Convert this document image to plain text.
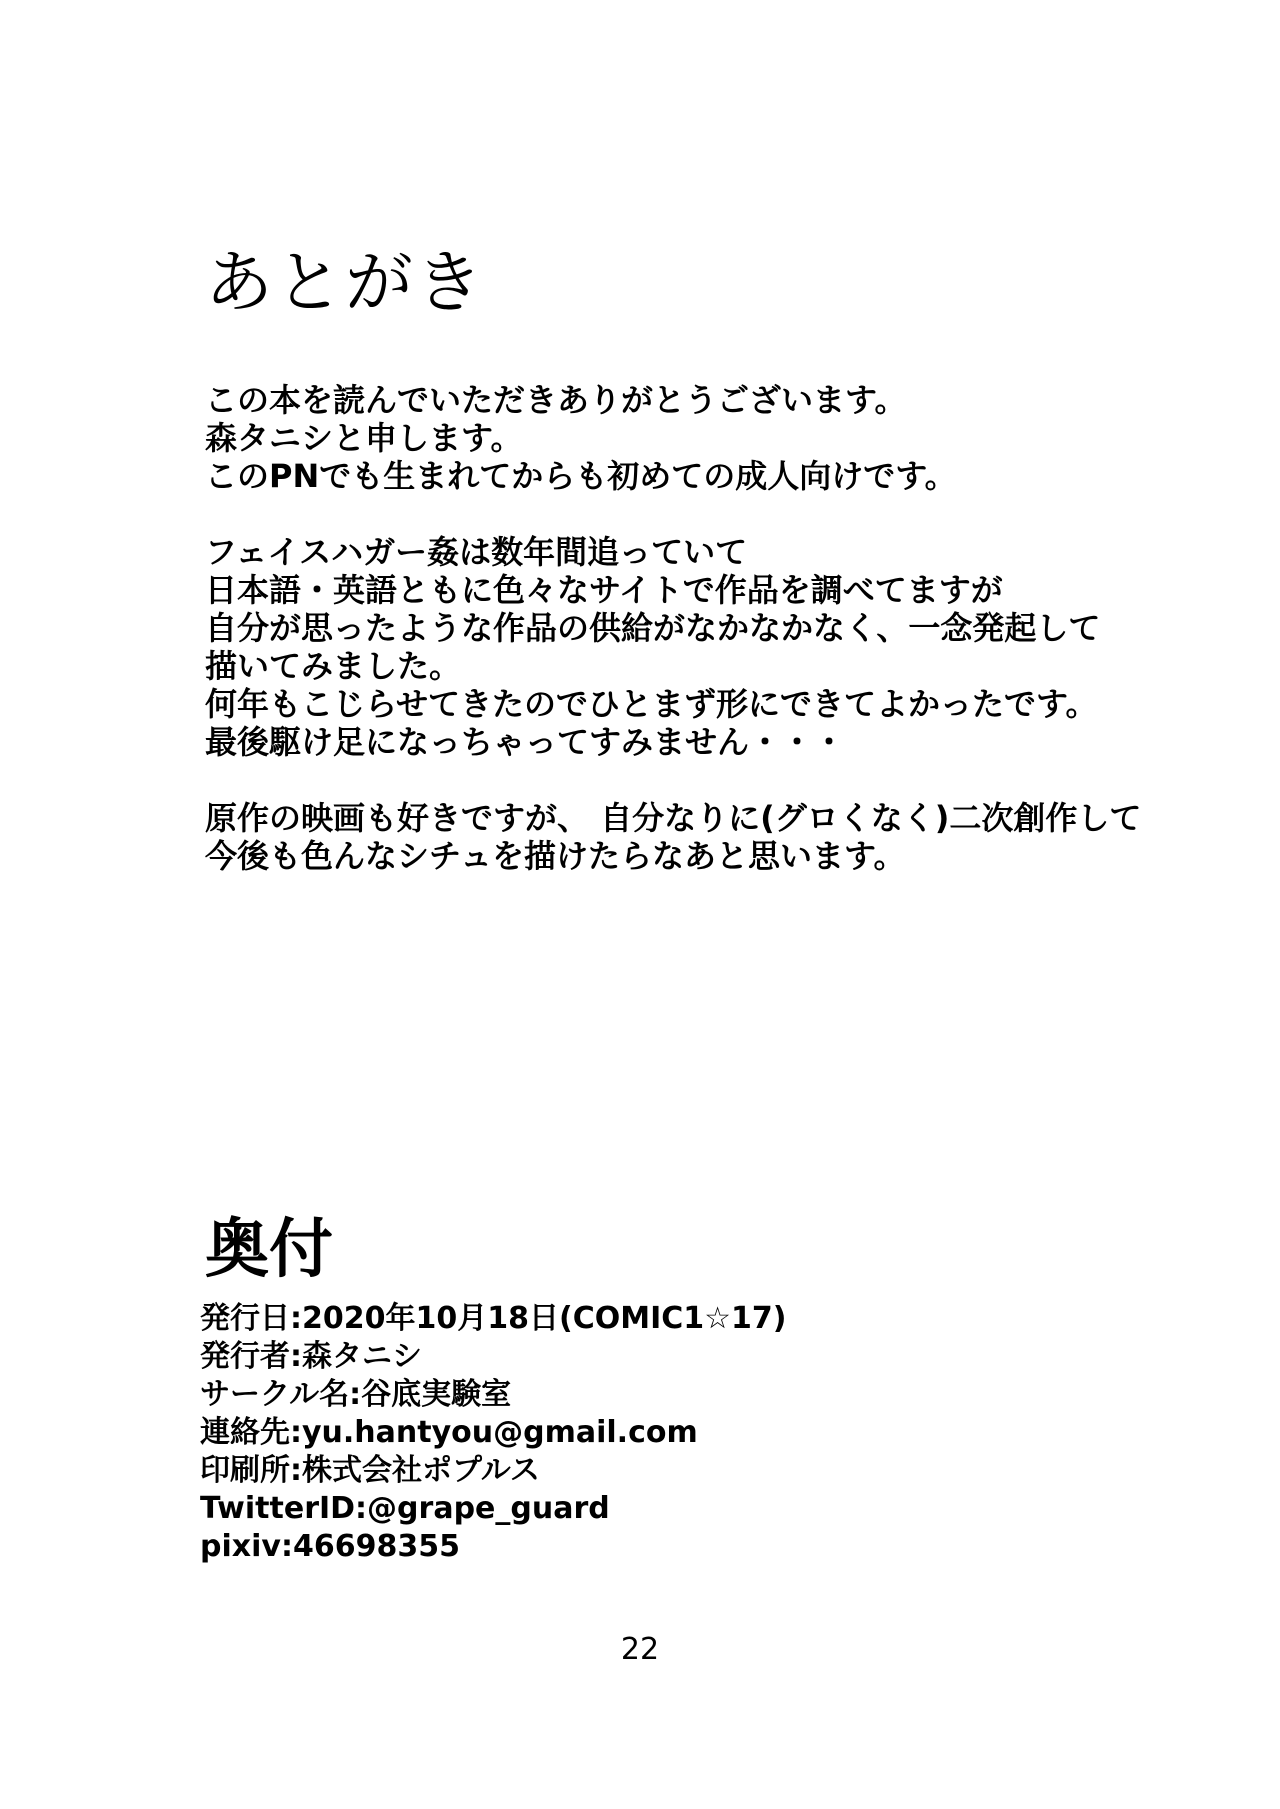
あとがき
この本を読んでいただきありがとうございます。
森タニシと申します。
このPNでも生まれてからも初めての成人向けです。
フェイスハガー姦は数年間追っていて
日本語・英語ともに色々なサイトで作品を調べてますが
自分が思ったような作品の供給がなかなかなく、一念発起して
描いてみました。
何年もこじらせてきたのでひとまず形にできてよかったです。
最後駆け足になっちゃってすみません・・・
原作の映画も好きですが、 自分なりに(グロくなく)二次創作して
今後も色んなシチュを描けたらなあと思います。
奥付
発行日:2020年10月18日(COMIC1☆17)
発行者:森タニシ
サークル名:谷底実験室
連絡先:yu.hantyou@gmail.com
印刷所:株式会社ポプルス
TwitterID:@grape_guard
pixiv:46698355
22
